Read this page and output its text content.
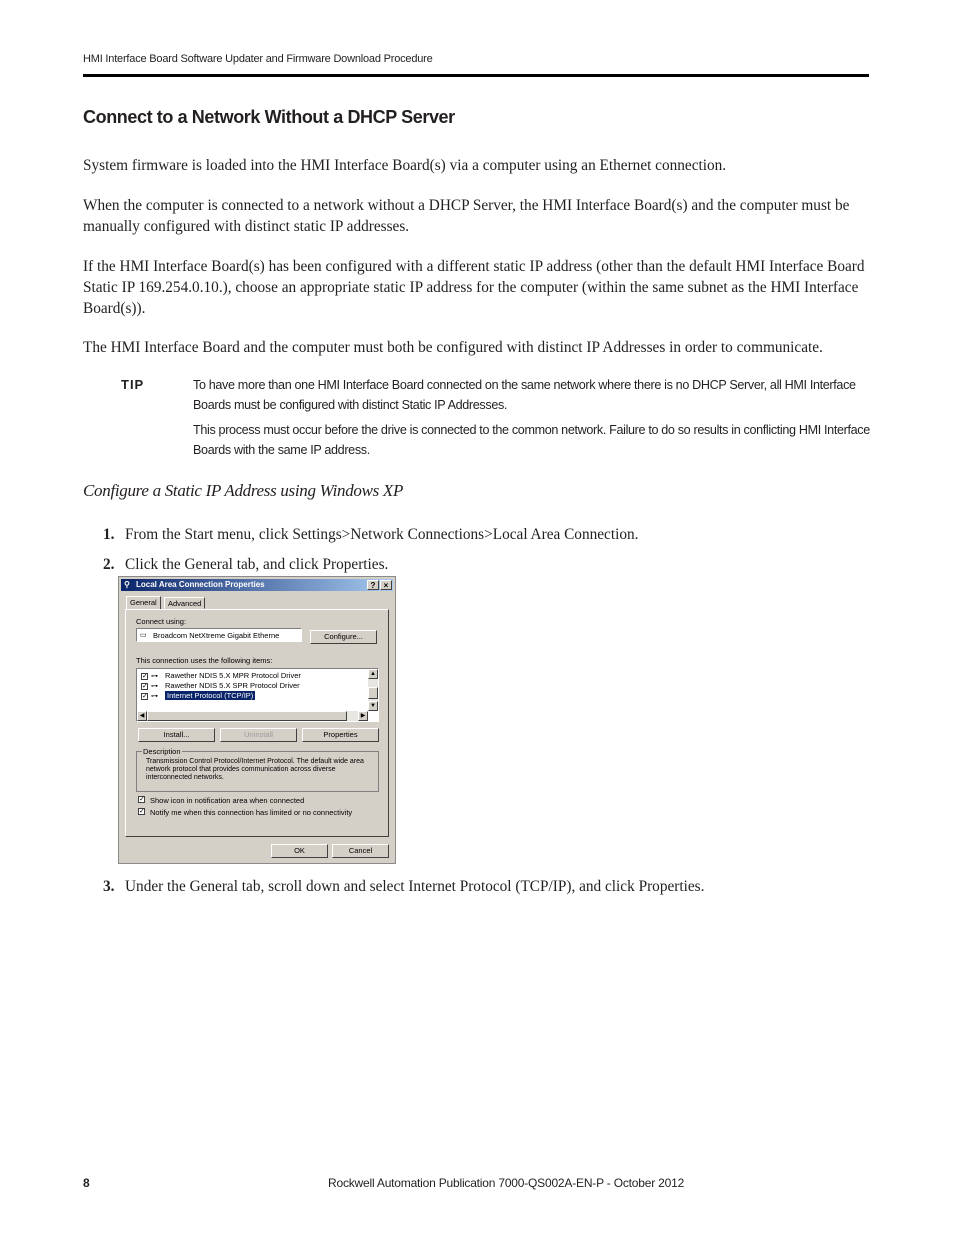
HMI Interface Board Software Updater and Firmware Download Procedure
Connect to a Network Without a DHCP Server
System firmware is loaded into the HMI Interface Board(s) via a computer using an Ethernet connection.
When the computer is connected to a network without a DHCP Server, the HMI Interface Board(s) and the computer must be manually configured with distinct static IP addresses.
If the HMI Interface Board(s) has been configured with a different static IP address (other than the default HMI Interface Board Static IP 169.254.0.10.), choose an appropriate static IP address for the computer (within the same subnet as the HMI Interface Board(s)).
The HMI Interface Board and the computer must both be configured with distinct IP Addresses in order to communicate.
TIP	To have more than one HMI Interface Board connected on the same network where there is no DHCP Server, all HMI Interface Boards must be configured with distinct Static IP Addresses.
This process must occur before the drive is connected to the common network. Failure to do so results in conflicting HMI Interface Boards with the same IP address.
Configure a Static IP Address using Windows XP
1. From the Start menu, click Settings>Network Connections>Local Area Connection.
2. Click the General tab, and click Properties.
⚲ Local Area Connection Properties	?	×
General	Advanced
Connect using:
▭ Broadcom NetXtreme Gigabit Etherne	Configure...
This connection uses the following items:
✓ ⊶ Rawether NDIS 5.X MPR Protocol Driver
✓ ⊶ Rawether NDIS 5.X SPR Protocol Driver
✓ ⊶ Internet Protocol (TCP/IP)
▲
▼
◀	▶
Install...	Uninstall	Properties
Description
Transmission Control Protocol/Internet Protocol. The default wide area network protocol that provides communication across diverse interconnected networks.
✓ Show icon in notification area when connected
✓ Notify me when this connection has limited or no connectivity
OK	Cancel
3. Under the General tab, scroll down and select Internet Protocol (TCP/IP), and click Properties.
8	Rockwell Automation Publication 7000-QS002A-EN-P - October 2012
